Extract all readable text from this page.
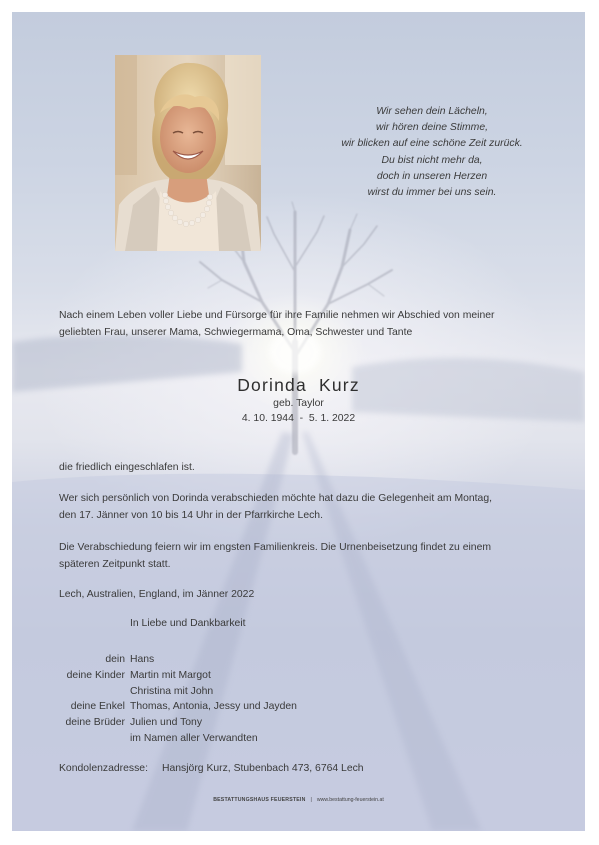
Wir sehen dein Lächeln,
wir hören deine Stimme,
wir blicken auf eine schöne Zeit zurück.
Du bist nicht mehr da,
doch in unseren Herzen
wirst du immer bei uns sein.
Nach einem Leben voller Liebe und Fürsorge für ihre Familie nehmen wir Abschied von meiner
geliebten Frau, unserer Mama, Schwiegermama, Oma, Schwester und Tante
Dorinda Kurz
geb. Taylor
4. 10. 1944 - 5. 1. 2022
die friedlich eingeschlafen ist.
Wer sich persönlich von Dorinda verabschieden möchte hat dazu die Gelegenheit am Montag,
den 17. Jänner von 10 bis 14 Uhr in der Pfarrkirche Lech.
Die Verabschiedung feiern wir im engsten Familienkreis. Die Urnenbeisetzung findet zu einem
späteren Zeitpunkt statt.
Lech, Australien, England, im Jänner 2022
In Liebe und Dankbarkeit
dein Hans
deine Kinder Martin mit Margot
Christina mit John
deine Enkel Thomas, Antonia, Jessy und Jayden
deine Brüder Julien und Tony
im Namen aller Verwandten
Kondolenzadresse: Hansjörg Kurz, Stubenbach 473, 6764 Lech
BESTATTUNGSHAUS FEUERSTEIN | www.bestattung-feuerstein.at
